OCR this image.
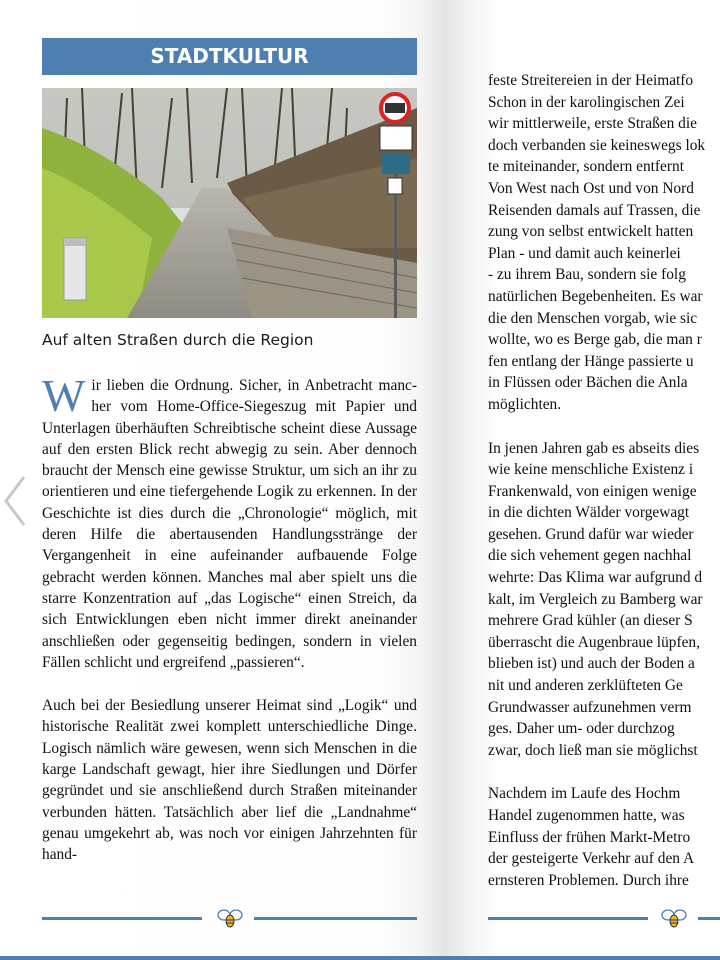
STADTKULTUR
Auf alten Straßen durch die Region

Wir lieben die Ordnung. Sicher, in Anbetracht mancher vom Home-Office-Siegeszug mit Papier und Unterlagen überhäuften Schreibtische scheint diese Aussage auf den ersten Blick recht abwegig zu sein. Aber dennoch braucht der Mensch eine gewisse Struktur, um sich an ihr zu orientieren und eine tiefergehende Logik zu erkennen. In der Geschichte ist dies durch die „Chronologie“ möglich, mit deren Hilfe die abertausenden Handlungsstränge der Vergangenheit in eine aufeinander aufbauende Folge gebracht werden können. Manches mal aber spielt uns die starre Konzentration auf „das Logische“ einen Streich, da sich Entwicklungen eben nicht immer direkt aneinander anschließen oder gegenseitig bedingen, sondern in vielen Fällen schlicht und ergreifend „passieren“.

Auch bei der Besiedlung unserer Heimat sind „Logik“ und historische Realität zwei komplett unterschiedliche Dinge. Logisch nämlich wäre gewesen, wenn sich Menschen in die karge Landschaft gewagt, hier ihre Siedlungen und Dörfer gegründet und sie anschließend durch Straßen miteinander verbunden hätten. Tatsächlich aber lief die „Landnahme“ genau umgekehrt ab, was noch vor einigen Jahrzehnten für hand-

feste Streitereien in der Heimatfo
Schon in der karolingischen Zei
wir mittlerweile, erste Straßen die
doch verbanden sie keineswegs lok
te miteinander, sondern entfernt
Von West nach Ost und von Nord
Reisenden damals auf Trassen, die
zung von selbst entwickelt hatten
Plan - und damit auch keinerlei
- zu ihrem Bau, sondern sie folg
natürlichen Begebenheiten. Es war
die den Menschen vorgab, wie sic
wollte, wo es Berge gab, die man r
fen entlang der Hänge passierte u
in Flüssen oder Bächen die Anla
möglichten.

In jenen Jahren gab es abseits dies
wie keine menschliche Existenz i
Frankenwald, von einigen wenige
in die dichten Wälder vorgewagt
gesehen. Grund dafür war wieder
die sich vehement gegen nachhal
wehrte: Das Klima war aufgrund d
kalt, im Vergleich zu Bamberg war
mehrere Grad kühler (an dieser S
überrascht die Augenbraue lüpfen,
blieben ist) und auch der Boden a
nit und anderen zerklüfteten Ge
Grundwasser aufzunehmen verm
ges. Daher um- oder durchzog
zwar, doch ließ man sie möglichst

Nachdem im Laufe des Hochm
Handel zugenommen hatte, was
Einfluss der frühen Markt-Metro
der gesteigerte Verkehr auf den A
ernsteren Problemen. Durch ihre
